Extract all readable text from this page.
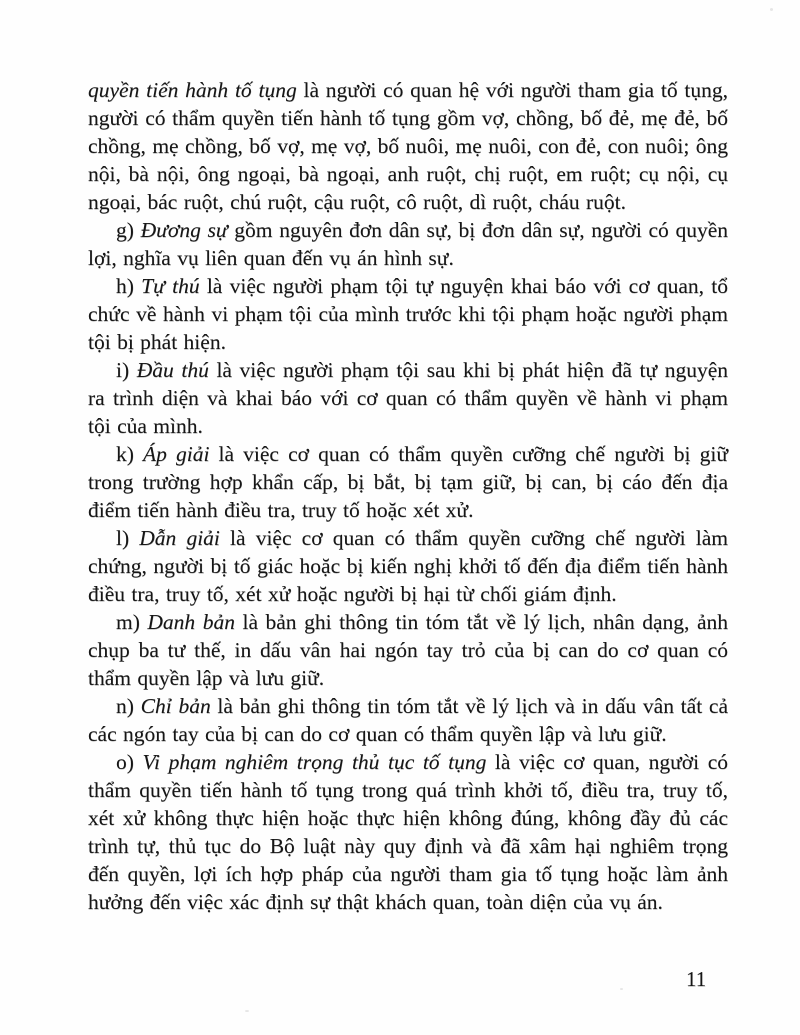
quyền tiến hành tố tụng là người có quan hệ với người tham gia tố tụng, người có thẩm quyền tiến hành tố tụng gồm vợ, chồng, bố đẻ, mẹ đẻ, bố chồng, mẹ chồng, bố vợ, mẹ vợ, bố nuôi, mẹ nuôi, con đẻ, con nuôi; ông nội, bà nội, ông ngoại, bà ngoại, anh ruột, chị ruột, em ruột; cụ nội, cụ ngoại, bác ruột, chú ruột, cậu ruột, cô ruột, dì ruột, cháu ruột.

g) Đương sự gồm nguyên đơn dân sự, bị đơn dân sự, người có quyền lợi, nghĩa vụ liên quan đến vụ án hình sự.

h) Tự thú là việc người phạm tội tự nguyện khai báo với cơ quan, tổ chức về hành vi phạm tội của mình trước khi tội phạm hoặc người phạm tội bị phát hiện.

i) Đầu thú là việc người phạm tội sau khi bị phát hiện đã tự nguyện ra trình diện và khai báo với cơ quan có thẩm quyền về hành vi phạm tội của mình.

k) Áp giải là việc cơ quan có thẩm quyền cưỡng chế người bị giữ trong trường hợp khẩn cấp, bị bắt, bị tạm giữ, bị can, bị cáo đến địa điểm tiến hành điều tra, truy tố hoặc xét xử.

l) Dẫn giải là việc cơ quan có thẩm quyền cưỡng chế người làm chứng, người bị tố giác hoặc bị kiến nghị khởi tố đến địa điểm tiến hành điều tra, truy tố, xét xử hoặc người bị hại từ chối giám định.

m) Danh bản là bản ghi thông tin tóm tắt về lý lịch, nhân dạng, ảnh chụp ba tư thế, in dấu vân hai ngón tay trỏ của bị can do cơ quan có thẩm quyền lập và lưu giữ.

n) Chỉ bản là bản ghi thông tin tóm tắt về lý lịch và in dấu vân tất cả các ngón tay của bị can do cơ quan có thẩm quyền lập và lưu giữ.

o) Vi phạm nghiêm trọng thủ tục tố tụng là việc cơ quan, người có thẩm quyền tiến hành tố tụng trong quá trình khởi tố, điều tra, truy tố, xét xử không thực hiện hoặc thực hiện không đúng, không đầy đủ các trình tự, thủ tục do Bộ luật này quy định và đã xâm hại nghiêm trọng đến quyền, lợi ích hợp pháp của người tham gia tố tụng hoặc làm ảnh hưởng đến việc xác định sự thật khách quan, toàn diện của vụ án.

11
